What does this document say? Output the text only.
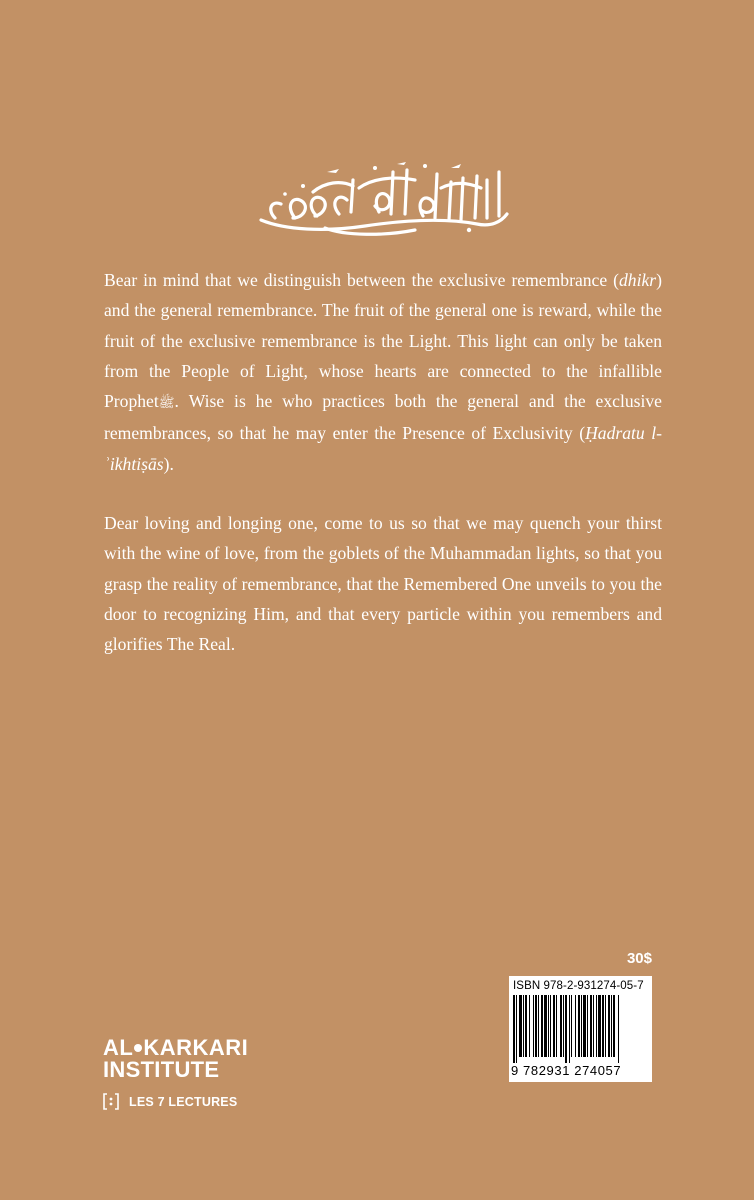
Bear in mind that we distinguish between the exclusive remembrance (dhikr) and the general remembrance. The fruit of the general one is reward, while the fruit of the exclusive remembrance is the Light. This light can only be taken from the People of Light, whose hearts are connected to the infallible Prophetﷺ. Wise is he who practices both the general and the exclusive remembrances, so that he may enter the Presence of Exclusivity (Ḥadratu l-ʾikhtiṣās).

Dear loving and longing one, come to us so that we may quench your thirst with the wine of love, from the goblets of the Muhammadan lights, so that you grasp the reality of remembrance, that the Remembered One unveils to you the door to recognizing Him, and that every particle within you remembers and glorifies The Real.

30$
ISBN 978-2-931274-05-7
9 782931 274057
AL KARKARI
INSTITUTE
LES 7 LECTURES
